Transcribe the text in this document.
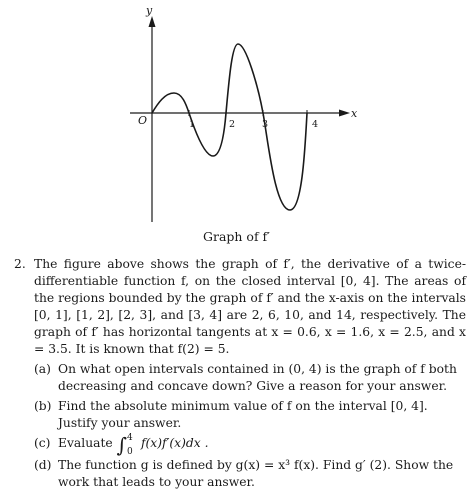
y
x
O	1	2	3	4
Graph of f′
2. The figure above shows the graph of f′, the derivative of a twice-differentiable function f, on the closed interval [0, 4]. The areas of the regions bounded by the graph of f′ and the x-axis on the intervals [0, 1], [1, 2], [2, 3], and [3, 4] are 2, 6, 10, and 14, respectively. The graph of f′ has horizontal tangents at x = 0.6, x = 1.6, x = 2.5, and x = 3.5. It is known that f(2) = 5.
(a) On what open intervals contained in (0, 4) is the graph of f both decreasing and concave down? Give a reason for your answer.
(b) Find the absolute minimum value of f on the interval [0, 4]. Justify your answer.
(c) Evaluate ∫ 4
0
f(x)f′(x)dx .
(d) The function g is defined by g(x) = x³ f(x). Find g′ (2). Show the work that leads to your answer.
